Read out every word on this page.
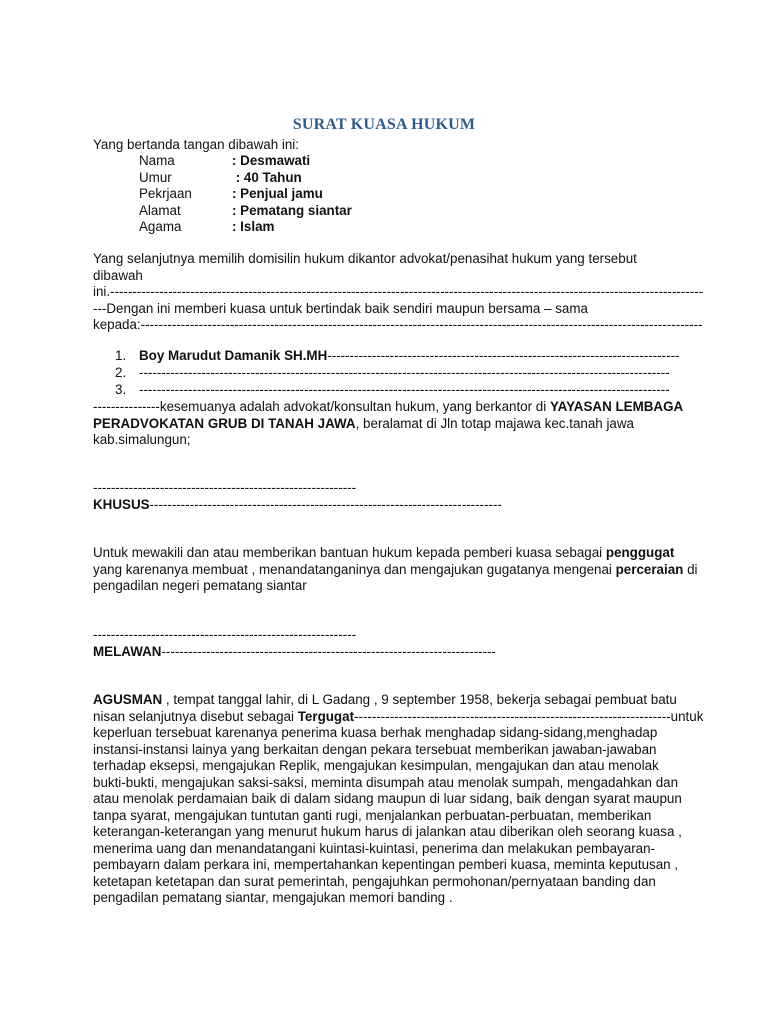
SURAT KUASA HUKUM
Yang bertanda tangan dibawah ini:
Nama	: Desmawati
Umur	: 40 Tahun
Pekrjaan	: Penjual jamu
Alamat	: Pematang siantar
Agama	: Islam
Yang selanjutnya memilih domisilin hukum dikantor advokat/penasihat hukum yang tersebut
dibawah
ini.-------------------------------------------------------------------------------------------------------------------------------------
---Dengan ini memberi kuasa untuk bertindak baik sendiri maupun bersama – sama
kepada:------------------------------------------------------------------------------------------------------------------------------
1. Boy Marudut Damanik SH.MH-------------------------------------------------------------------------------
2. -----------------------------------------------------------------------------------------------------------------------
3. -----------------------------------------------------------------------------------------------------------------------
---------------kesemuanya adalah advokat/konsultan hukum, yang berkantor di YAYASAN LEMBAGA
PERADVOKATAN GRUB DI TANAH JAWA, beralamat di Jln totap majawa kec.tanah jawa
kab.simalungun;
-----------------------------------------------------------
KHUSUS-------------------------------------------------------------------------------
Untuk mewakili dan atau memberikan bantuan hukum kepada pemberi kuasa sebagai penggugat
yang karenanya membuat , menandatanganinya dan mengajukan gugatanya mengenai perceraian di
pengadilan negeri pematang siantar
-----------------------------------------------------------
MELAWAN---------------------------------------------------------------------------
AGUSMAN , tempat tanggal lahir, di L Gadang , 9 september 1958, bekerja sebagai pembuat batu
nisan selanjutnya disebut sebagai Tergugat-----------------------------------------------------------------------untuk
keperluan tersebuat karenanya penerima kuasa berhak menghadap sidang-sidang,menghadap
instansi-instansi lainya yang berkaitan dengan pekara tersebuat memberikan jawaban-jawaban
terhadap eksepsi, mengajukan Replik, mengajukan kesimpulan, mengajukan dan atau menolak
bukti-bukti, mengajukan saksi-saksi, meminta disumpah atau menolak sumpah, mengadahkan dan
atau menolak perdamaian baik di dalam sidang maupun di luar sidang, baik dengan syarat maupun
tanpa syarat, mengajukan tuntutan ganti rugi, menjalankan perbuatan-perbuatan, memberikan
keterangan-keterangan yang menurut hukum harus di jalankan atau diberikan oleh seorang kuasa ,
menerima uang dan menandatangani kuintasi-kuintasi, penerima dan melakukan pembayaran-
pembayarn dalam perkara ini, mempertahankan kepentingan pemberi kuasa, meminta keputusan ,
ketetapan ketetapan dan surat pemerintah, pengajuhkan permohonan/pernyataan banding dan
pengadilan pematang siantar, mengajukan memori banding .
